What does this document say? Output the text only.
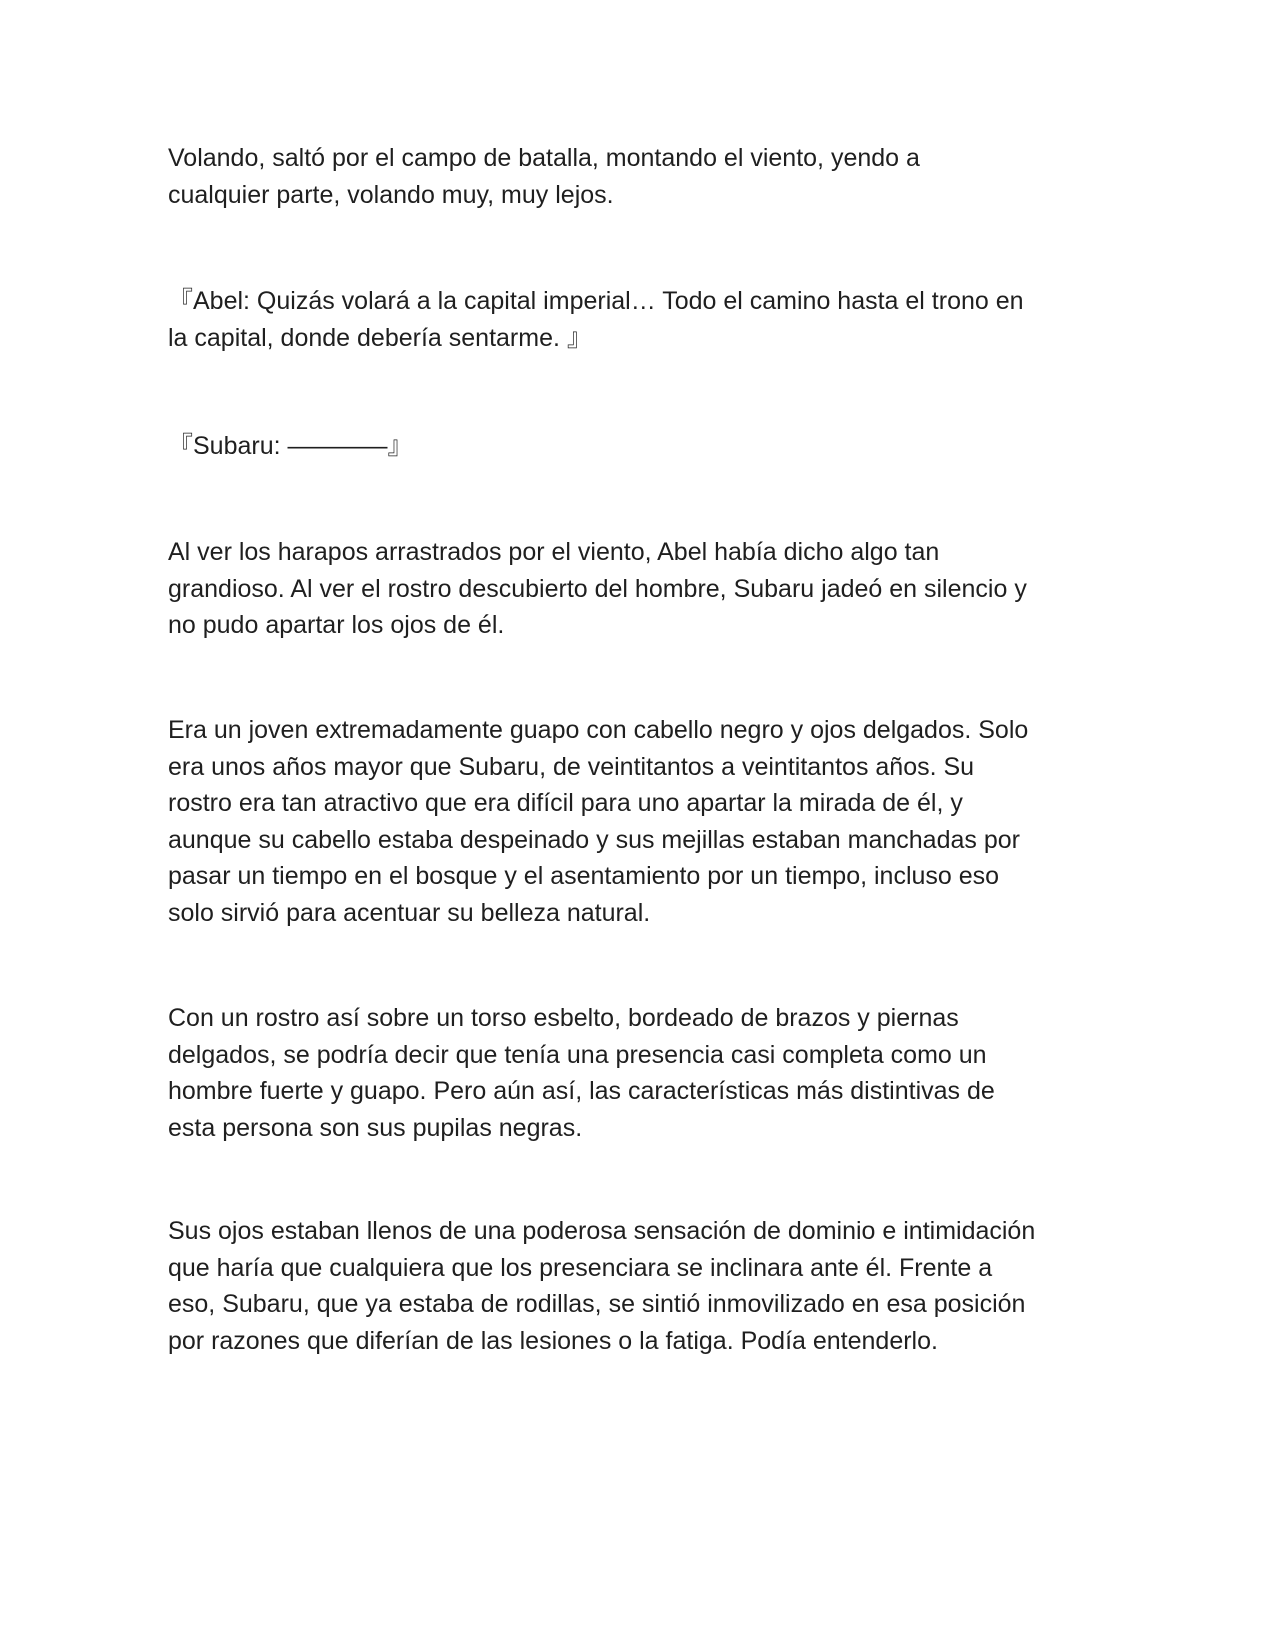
Volando, saltó por el campo de batalla, montando el viento, yendo a
cualquier parte, volando muy, muy lejos.

『Abel: Quizás volará a la capital imperial… Todo el camino hasta el trono en
la capital, donde debería sentarme. 』

『Subaru: ————』

Al ver los harapos arrastrados por el viento, Abel había dicho algo tan
grandioso. Al ver el rostro descubierto del hombre, Subaru jadeó en silencio y
no pudo apartar los ojos de él.

Era un joven extremadamente guapo con cabello negro y ojos delgados. Solo
era unos años mayor que Subaru, de veintitantos a veintitantos años. Su
rostro era tan atractivo que era difícil para uno apartar la mirada de él, y
aunque su cabello estaba despeinado y sus mejillas estaban manchadas por
pasar un tiempo en el bosque y el asentamiento por un tiempo, incluso eso
solo sirvió para acentuar su belleza natural.

Con un rostro así sobre un torso esbelto, bordeado de brazos y piernas
delgados, se podría decir que tenía una presencia casi completa como un
hombre fuerte y guapo. Pero aún así, las características más distintivas de
esta persona son sus pupilas negras.

Sus ojos estaban llenos de una poderosa sensación de dominio e intimidación
que haría que cualquiera que los presenciara se inclinara ante él. Frente a
eso, Subaru, que ya estaba de rodillas, se sintió inmovilizado en esa posición
por razones que diferían de las lesiones o la fatiga. Podía entenderlo.
